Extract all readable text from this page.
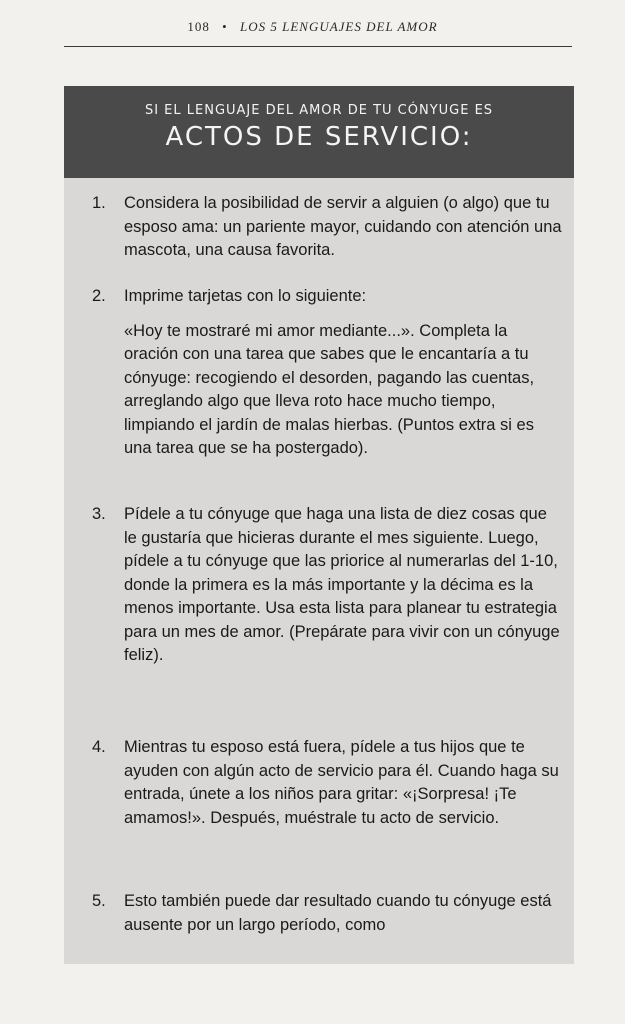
108 • LOS 5 LENGUAJES DEL AMOR
SI EL LENGUAJE DEL AMOR DE TU CÓNYUGE ES
ACTOS DE SERVICIO:
1. Considera la posibilidad de servir a alguien (o algo) que tu esposo ama: un pariente mayor, cuidando con atención una mascota, una causa favorita.

2. Imprime tarjetas con lo siguiente:

«Hoy te mostraré mi amor mediante...». Completa la oración con una tarea que sabes que le encantaría a tu cónyuge: recogiendo el desorden, pagando las cuentas, arreglando algo que lleva roto hace mucho tiempo, limpiando el jardín de malas hierbas. (Puntos extra si es una tarea que se ha postergado).

3. Pídele a tu cónyuge que haga una lista de diez cosas que le gustaría que hicieras durante el mes siguiente. Luego, pídele a tu cónyuge que las priorice al numerarlas del 1-10, donde la primera es la más importante y la décima es la menos importante. Usa esta lista para planear tu estrategia para un mes de amor. (Prepárate para vivir con un cónyuge feliz).

4. Mientras tu esposo está fuera, pídele a tus hijos que te ayuden con algún acto de servicio para él. Cuando haga su entrada, únete a los niños para gritar: «¡Sorpresa! ¡Te amamos!». Después, muéstrale tu acto de servicio.

5. Esto también puede dar resultado cuando tu cónyuge está ausente por un largo período, como
